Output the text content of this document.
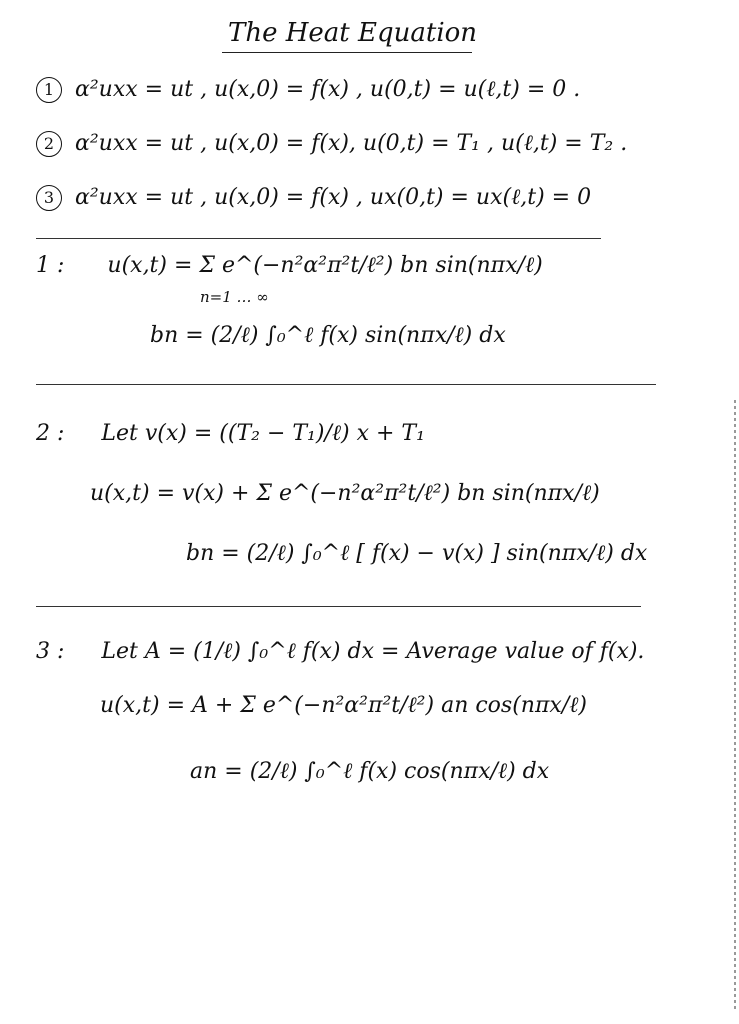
The Heat Equation
1 α²uxx = ut , u(x,0) = f(x) , u(0,t) = u(ℓ,t) = 0 .
2 α²uxx = ut , u(x,0) = f(x), u(0,t) = T₁ , u(ℓ,t) = T₂ .
3 α²uxx = ut , u(x,0) = f(x) , ux(0,t) = ux(ℓ,t) = 0
1 : u(x,t) = Σ e^(−n²α²π²t/ℓ²) bn sin(nπx/ℓ)
n=1 … ∞
bn = (2/ℓ) ∫₀^ℓ f(x) sin(nπx/ℓ) dx
2 : Let v(x) = ((T₂ − T₁)/ℓ) x + T₁
u(x,t) = v(x) + Σ e^(−n²α²π²t/ℓ²) bn sin(nπx/ℓ)
bn = (2/ℓ) ∫₀^ℓ [ f(x) − v(x) ] sin(nπx/ℓ) dx
3 : Let A = (1/ℓ) ∫₀^ℓ f(x) dx = Average value of f(x).
u(x,t) = A + Σ e^(−n²α²π²t/ℓ²) an cos(nπx/ℓ)
an = (2/ℓ) ∫₀^ℓ f(x) cos(nπx/ℓ) dx
